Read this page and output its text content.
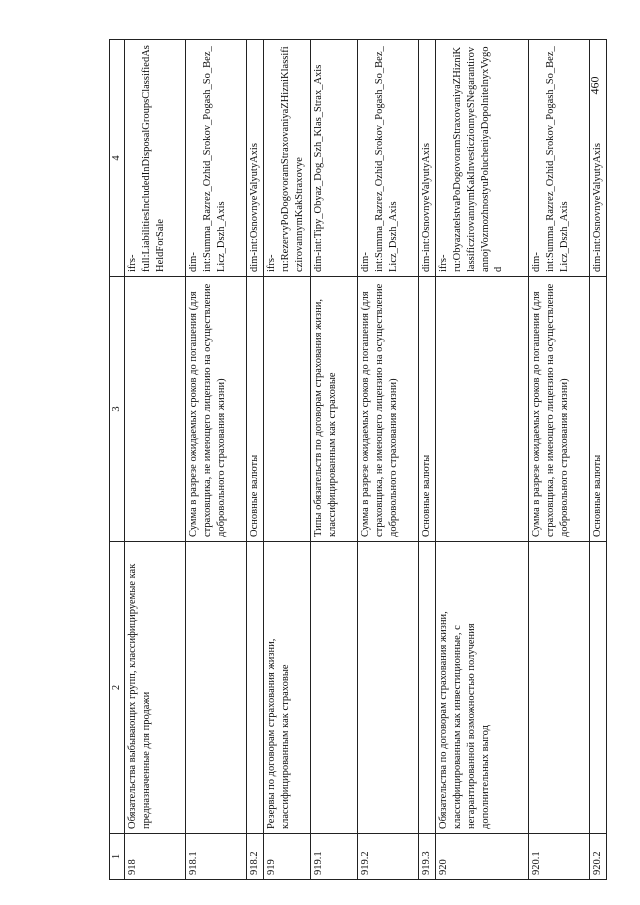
1	2	3	4
918	Обязательства выбывающих групп, классифицируемые как предназначенные для продажи		ifrs-full:LiabilitiesIncludedInDisposalGroupsClassifiedAsHeldForSale
918.1		Сумма в разрезе ожидаемых сроков до погашения (для страховщика, не имеющего лицензию на осуществление добровольного страхования жизни)	dim-int:Summa_Razrez_Ozhid_Srokov_Pogash_So_Bez_Licz_Dszh_Axis
918.2		Основные валюты	dim-int:OsnovnyeValyutyAxis
919	Резервы по договорам страхования жизни, классифицированным как страховые		ifrs-ru:RezervyPoDogovoramStraxovaniyaZHizniKlassificzirovannymKakStraxovye
919.1		Типы обязательств по договорам страхования жизни, классифицированным как страховые	dim-int:Tipy_Obyaz_Dog_Szh_Klas_Strax_Axis
919.2		Сумма в разрезе ожидаемых сроков до погашения (для страховщика, не имеющего лицензию на осуществление добровольного страхования жизни)	dim-int:Summa_Razrez_Ozhid_Srokov_Pogash_So_Bez_Licz_Dszh_Axis
919.3		Основные валюты	dim-int:OsnovnyeValyutyAxis
920	Обязательства по договорам страхования жизни, классифицированным как инвестиционные, с негарантированной возможностью получения дополнительных выгод		ifrs-ru:ObyazatelstvaPoDogovoramStraxovaniyaZHizniKlassificzirovannymKakInvesticzionnyeSNegarantirovannojVozmozhnostyuPolucheniyaDopolnitelnyxVygod
920.1		Сумма в разрезе ожидаемых сроков до погашения (для страховщика, не имеющего лицензию на осуществление добровольного страхования жизни)	dim-int:Summa_Razrez_Ozhid_Srokov_Pogash_So_Bez_Licz_Dszh_Axis
920.2		Основные валюты	dim-int:OsnovnyeValyutyAxis
460
